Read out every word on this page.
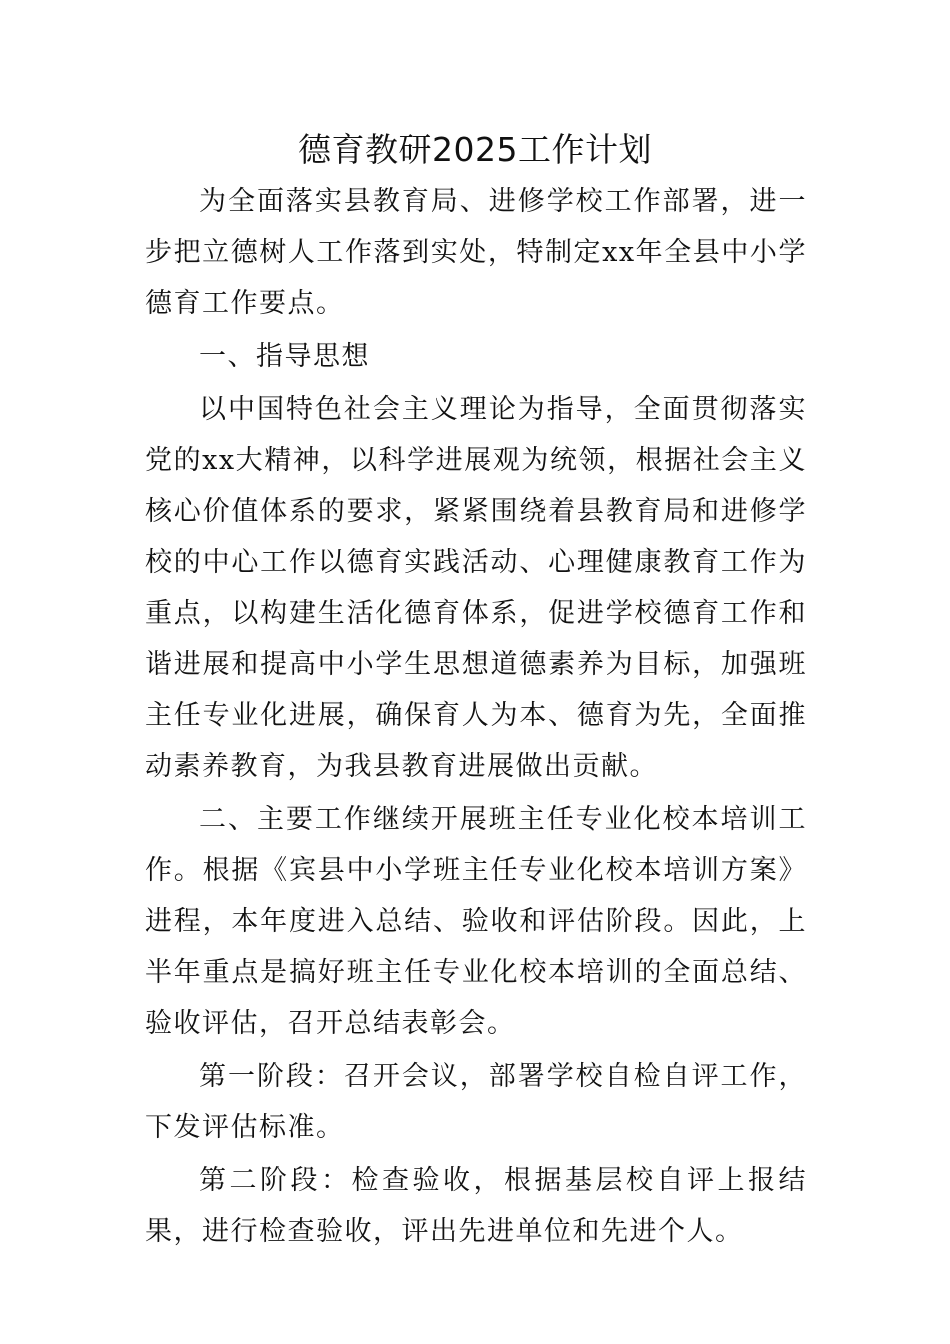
德育教研2025工作计划

为全面落实县教育局、进修学校工作部署，进一步把立德树人工作落到实处，特制定xx年全县中小学德育工作要点。

一、指导思想

以中国特色社会主义理论为指导，全面贯彻落实党的xx大精神，以科学进展观为统领，根据社会主义核心价值体系的要求，紧紧围绕着县教育局和进修学校的中心工作以德育实践活动、心理健康教育工作为重点，以构建生活化德育体系，促进学校德育工作和谐进展和提高中小学生思想道德素养为目标，加强班主任专业化进展，确保育人为本、德育为先，全面推动素养教育，为我县教育进展做出贡献。

二、主要工作继续开展班主任专业化校本培训工作。根据《宾县中小学班主任专业化校本培训方案》进程，本年度进入总结、验收和评估阶段。因此，上半年重点是搞好班主任专业化校本培训的全面总结、验收评估，召开总结表彰会。

第一阶段：召开会议，部署学校自检自评工作，下发评估标准。

第二阶段：检查验收，根据基层校自评上报结果，进行检查验收，评出先进单位和先进个人。
